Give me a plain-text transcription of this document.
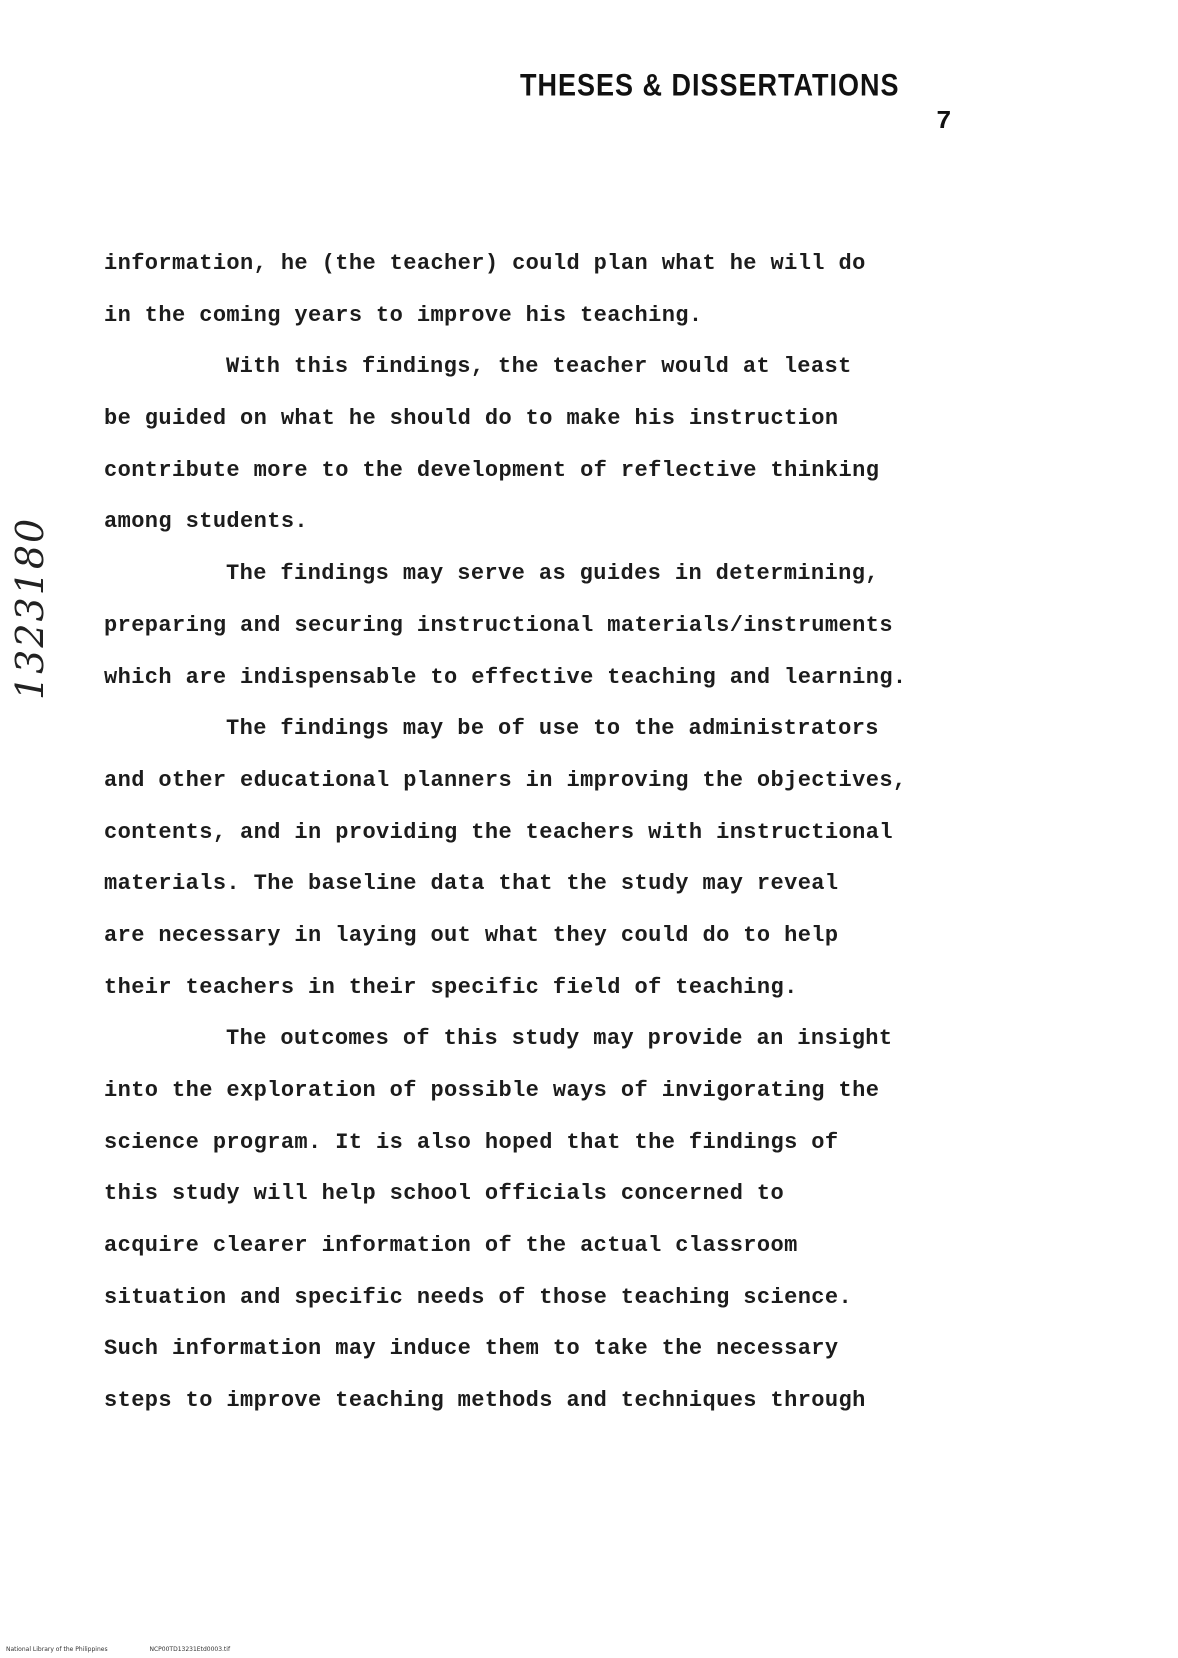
THESES & DISSERTATIONS
7
1323180

information, he (the teacher) could plan what he will do

in the coming years to improve his teaching.

With this findings, the teacher would at least

be guided on what he should do to make his instruction

contribute more to the development of reflective thinking

among students.

The findings may serve as guides in determining,

preparing and securing instructional materials/instruments

which are indispensable to effective teaching and learning.

The findings may be of use to the administrators

and other educational planners in improving the objectives,

contents, and in providing the teachers with instructional

materials. The baseline data that the study may reveal

are necessary in laying out what they could do to help

their teachers in their specific field of teaching.

The outcomes of this study may provide an insight

into the exploration of possible ways of invigorating the

science program. It is also hoped that the findings of

this study will help school officials concerned to

acquire clearer information of the actual classroom

situation and specific needs of those teaching science.

Such information may induce them to take the necessary

steps to improve teaching methods and techniques through

National Library of the Philippines	NCP00TD13231Etd0003.tif
